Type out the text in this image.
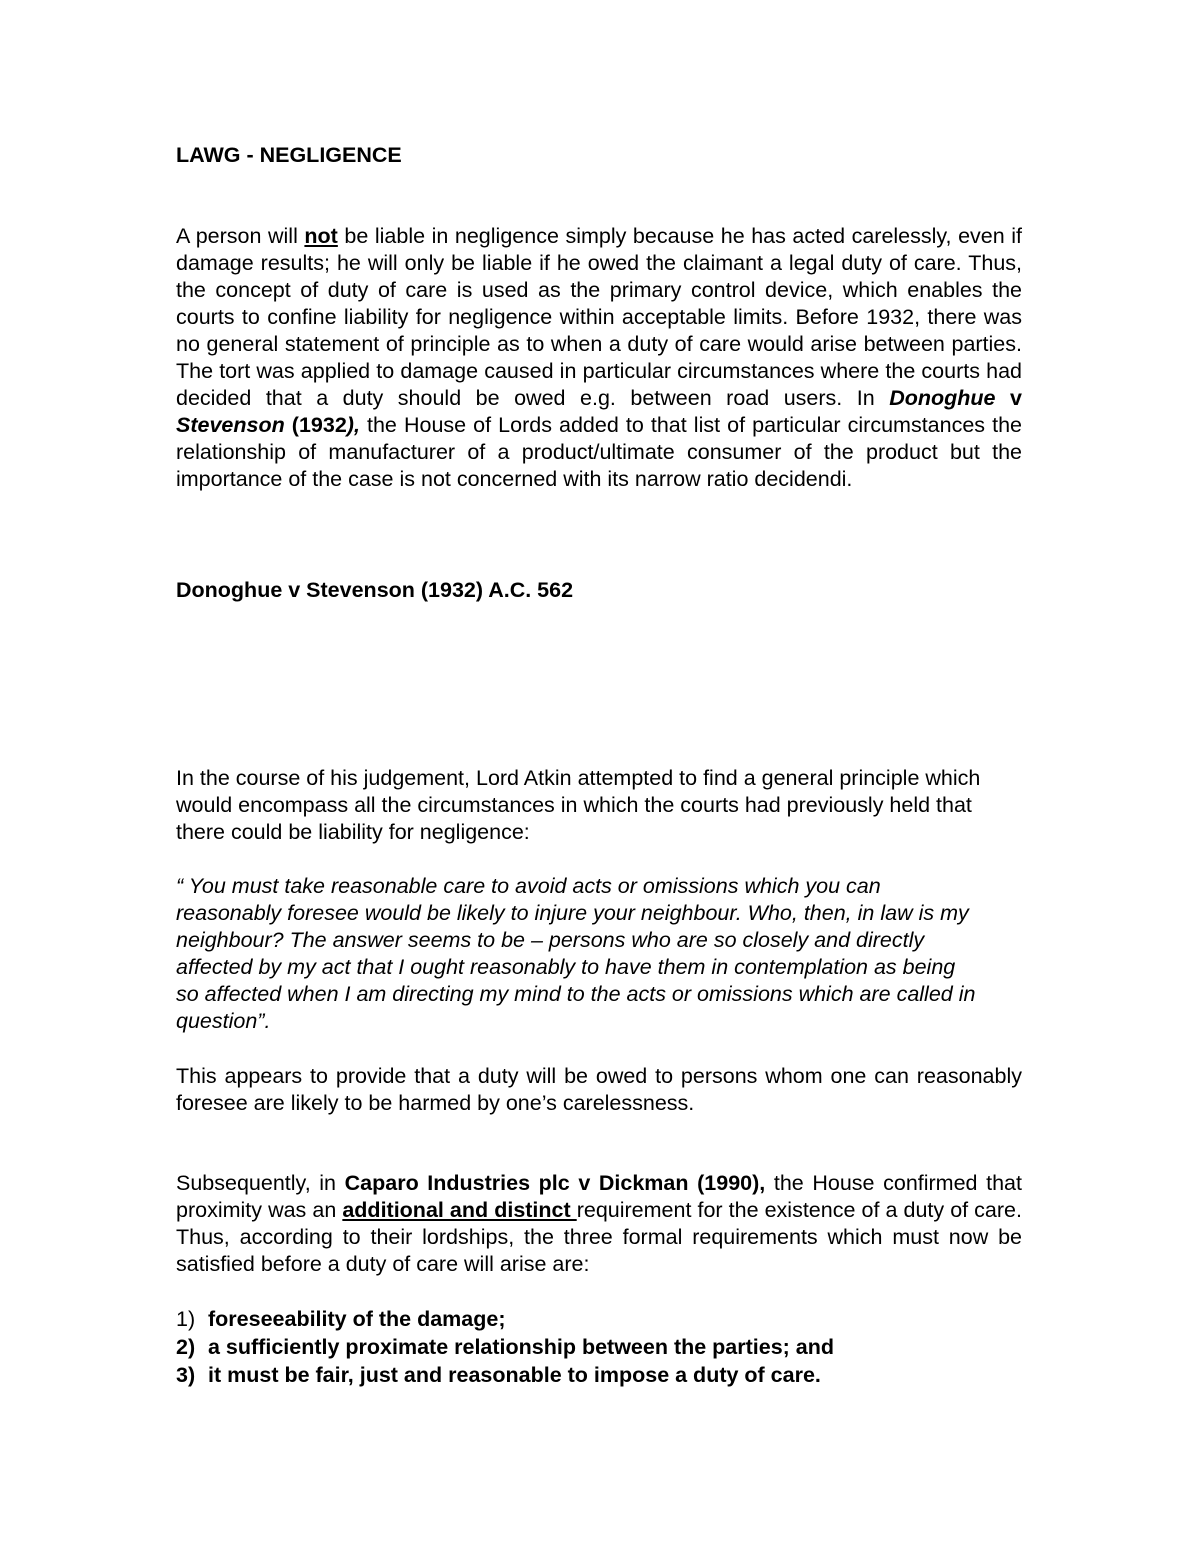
LAWG - NEGLIGENCE

A person will not be liable in negligence simply because he has acted carelessly, even if damage results; he will only be liable if he owed the claimant a legal duty of care. Thus, the concept of duty of care is used as the primary control device, which enables the courts to confine liability for negligence within acceptable limits. Before 1932, there was no general statement of principle as to when a duty of care would arise between parties. The tort was applied to damage caused in particular circumstances where the courts had decided that a duty should be owed e.g. between road users. In Donoghue v Stevenson (1932), the House of Lords added to that list of particular circumstances the relationship of manufacturer of a product/ultimate consumer of the product but the importance of the case is not concerned with its narrow ratio decidendi.

Donoghue v Stevenson (1932) A.C. 562

In the course of his judgement, Lord Atkin attempted to find a general principle which would encompass all the circumstances in which the courts had previously held that there could be liability for negligence:

“ You must take reasonable care to avoid acts or omissions which you can reasonably foresee would be likely to injure your neighbour. Who, then, in law is my neighbour? The answer seems to be – persons who are so closely and directly affected by my act that I ought reasonably to have them in contemplation as being so affected when I am directing my mind to the acts or omissions which are called in question”.

This appears to provide that a duty will be owed to persons whom one can reasonably foresee are likely to be harmed by one’s carelessness.

Subsequently, in Caparo Industries plc v Dickman (1990), the House confirmed that proximity was an additional and distinct requirement for the existence of a duty of care. Thus, according to their lordships, the three formal requirements which must now be satisfied before a duty of care will arise are:

1) foreseeability of the damage;
2) a sufficiently proximate relationship between the parties; and
3) it must be fair, just and reasonable to impose a duty of care.
